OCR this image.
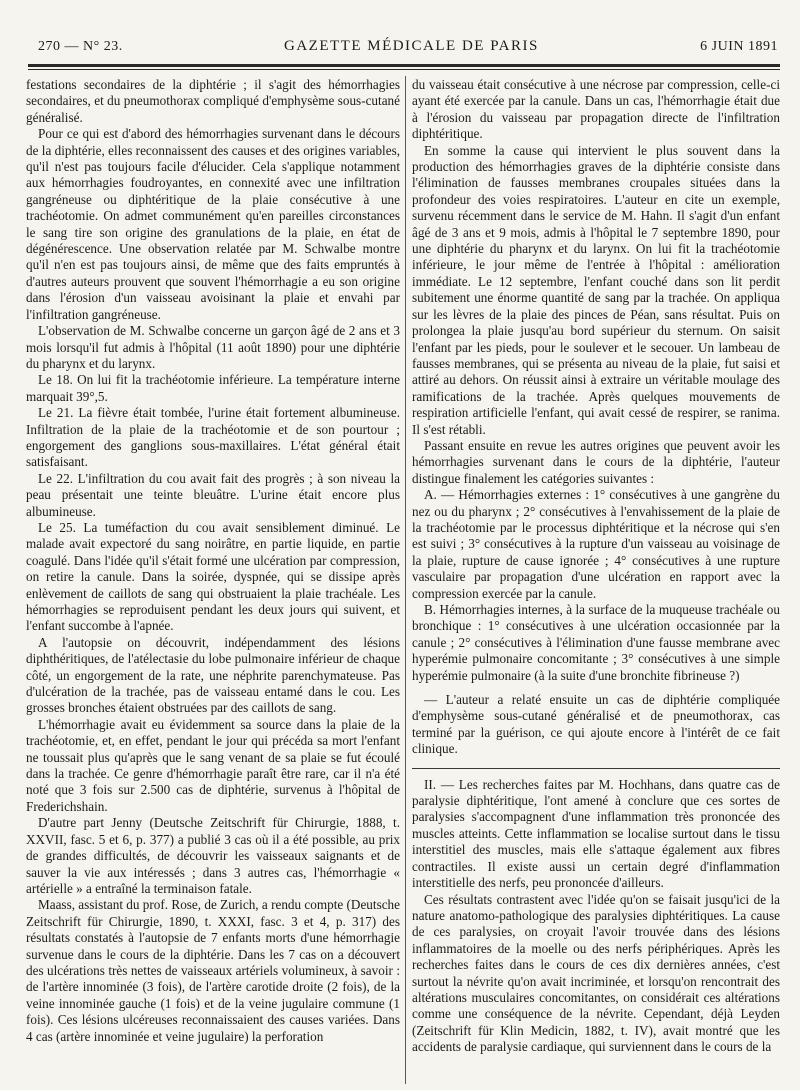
270 — N° 23.	GAZETTE MÉDICALE DE PARIS	6 JUIN 1891

festations secondaires de la diphtérie ; il s'agit des hémorrhagies secondaires, et du pneumothorax compliqué d'emphysème sous-cutané généralisé.

Pour ce qui est d'abord des hémorrhagies survenant dans le décours de la diphtérie, elles reconnaissent des causes et des origines variables, qu'il n'est pas toujours facile d'élucider. Cela s'applique notamment aux hémorrhagies foudroyantes, en connexité avec une infiltration gangréneuse ou diphtéritique de la plaie consécutive à une trachéotomie. On admet communément qu'en pareilles circonstances le sang tire son origine des granulations de la plaie, en état de dégénérescence. Une observation relatée par M. Schwalbe montre qu'il n'en est pas toujours ainsi, de même que des faits empruntés à d'autres auteurs prouvent que souvent l'hémorrhagie a eu son origine dans l'érosion d'un vaisseau avoisinant la plaie et envahi par l'infiltration gangréneuse.

L'observation de M. Schwalbe concerne un garçon âgé de 2 ans et 3 mois lorsqu'il fut admis à l'hôpital (11 août 1890) pour une diphtérie du pharynx et du larynx.

Le 18. On lui fit la trachéotomie inférieure. La température interne marquait 39°,5.

Le 21. La fièvre était tombée, l'urine était fortement albumineuse. Infiltration de la plaie de la trachéotomie et de son pourtour ; engorgement des ganglions sous-maxillaires. L'état général était satisfaisant.

Le 22. L'infiltration du cou avait fait des progrès ; à son niveau la peau présentait une teinte bleuâtre. L'urine était encore plus albumineuse.

Le 25. La tuméfaction du cou avait sensiblement diminué. Le malade avait expectoré du sang noirâtre, en partie liquide, en partie coagulé. Dans l'idée qu'il s'était formé une ulcération par compression, on retire la canule. Dans la soirée, dyspnée, qui se dissipe après enlèvement de caillots de sang qui obstruaient la plaie trachéale. Les hémorrhagies se reproduisent pendant les deux jours qui suivent, et l'enfant succombe à l'apnée.

A l'autopsie on découvrit, indépendamment des lésions diphthéritiques, de l'atélectasie du lobe pulmonaire inférieur de chaque côté, un engorgement de la rate, une néphrite parenchymateuse. Pas d'ulcération de la trachée, pas de vaisseau entamé dans le cou. Les grosses bronches étaient obstruées par des caillots de sang.

L'hémorrhagie avait eu évidemment sa source dans la plaie de la trachéotomie, et, en effet, pendant le jour qui précéda sa mort l'enfant ne toussait plus qu'après que le sang venant de sa plaie se fut écoulé dans la trachée. Ce genre d'hémorrhagie paraît être rare, car il n'a été noté que 3 fois sur 2.500 cas de diphtérie, survenus à l'hôpital de Frederichshain.

D'autre part Jenny (Deutsche Zeitschrift für Chirurgie, 1888, t. XXVII, fasc. 5 et 6, p. 377) a publié 3 cas où il a été possible, au prix de grandes difficultés, de découvrir les vaisseaux saignants et de sauver la vie aux intéressés ; dans 3 autres cas, l'hémorrhagie « artérielle » a entraîné la terminaison fatale.

Maass, assistant du prof. Rose, de Zurich, a rendu compte (Deutsche Zeitschrift für Chirurgie, 1890, t. XXXI, fasc. 3 et 4, p. 317) des résultats constatés à l'autopsie de 7 enfants morts d'une hémorrhagie survenue dans le cours de la diphtérie. Dans les 7 cas on a découvert des ulcérations très nettes de vaisseaux artériels volumineux, à savoir : de l'artère innominée (3 fois), de l'artère carotide droite (2 fois), de la veine innominée gauche (1 fois) et de la veine jugulaire commune (1 fois). Ces lésions ulcéreuses reconnaissaient des causes variées. Dans 4 cas (artère innominée et veine jugulaire) la perforation

du vaisseau était consécutive à une nécrose par compression, celle-ci ayant été exercée par la canule. Dans un cas, l'hémorrhagie était due à l'érosion du vaisseau par propagation directe de l'infiltration diphtéritique.

En somme la cause qui intervient le plus souvent dans la production des hémorrhagies graves de la diphtérie consiste dans l'élimination de fausses membranes croupales situées dans la profondeur des voies respiratoires. L'auteur en cite un exemple, survenu récemment dans le service de M. Hahn. Il s'agit d'un enfant âgé de 3 ans et 9 mois, admis à l'hôpital le 7 septembre 1890, pour une diphtérie du pharynx et du larynx. On lui fit la trachéotomie inférieure, le jour même de l'entrée à l'hôpital : amélioration immédiate. Le 12 septembre, l'enfant couché dans son lit perdit subitement une énorme quantité de sang par la trachée. On appliqua sur les lèvres de la plaie des pinces de Péan, sans résultat. Puis on prolongea la plaie jusqu'au bord supérieur du sternum. On saisit l'enfant par les pieds, pour le soulever et le secouer. Un lambeau de fausses membranes, qui se présenta au niveau de la plaie, fut saisi et attiré au dehors. On réussit ainsi à extraire un véritable moulage des ramifications de la trachée. Après quelques mouvements de respiration artificielle l'enfant, qui avait cessé de respirer, se ranima. Il s'est rétabli.

Passant ensuite en revue les autres origines que peuvent avoir les hémorrhagies survenant dans le cours de la diphtérie, l'auteur distingue finalement les catégories suivantes :

A. — Hémorrhagies externes : 1° consécutives à une gangrène du nez ou du pharynx ; 2° consécutives à l'envahissement de la plaie de la trachéotomie par le processus diphtéritique et la nécrose qui s'en est suivi ; 3° consécutives à la rupture d'un vaisseau au voisinage de la plaie, rupture de cause ignorée ; 4° consécutives à une rupture vasculaire par propagation d'une ulcération en rapport avec la compression exercée par la canule.

B. Hémorrhagies internes, à la surface de la muqueuse trachéale ou bronchique : 1° consécutives à une ulcération occasionnée par la canule ; 2° consécutives à l'élimination d'une fausse membrane avec hyperémie pulmonaire concomitante ; 3° consécutives à une simple hyperémie pulmonaire (à la suite d'une bronchite fibrineuse ?)

— L'auteur a relaté ensuite un cas de diphtérie compliquée d'emphysème sous-cutané généralisé et de pneumothorax, cas terminé par la guérison, ce qui ajoute encore à l'intérêt de ce fait clinique.

II. — Les recherches faites par M. Hochhans, dans quatre cas de paralysie diphtéritique, l'ont amené à conclure que ces sortes de paralysies s'accompagnent d'une inflammation très prononcée des muscles atteints. Cette inflammation se localise surtout dans le tissu interstitiel des muscles, mais elle s'attaque également aux fibres contractiles. Il existe aussi un certain degré d'inflammation interstitielle des nerfs, peu prononcée d'ailleurs.

Ces résultats contrastent avec l'idée qu'on se faisait jusqu'ici de la nature anatomo-pathologique des paralysies diphtéritiques. La cause de ces paralysies, on croyait l'avoir trouvée dans des lésions inflammatoires de la moelle ou des nerfs périphériques. Après les recherches faites dans le cours de ces dix dernières années, c'est surtout la névrite qu'on avait incriminée, et lorsqu'on rencontrait des altérations musculaires concomitantes, on considérait ces altérations comme une conséquence de la névrite. Cependant, déjà Leyden (Zeitschrift für Klin Medicin, 1882, t. IV), avait montré que les accidents de paralysie cardiaque, qui surviennent dans le cours de la
